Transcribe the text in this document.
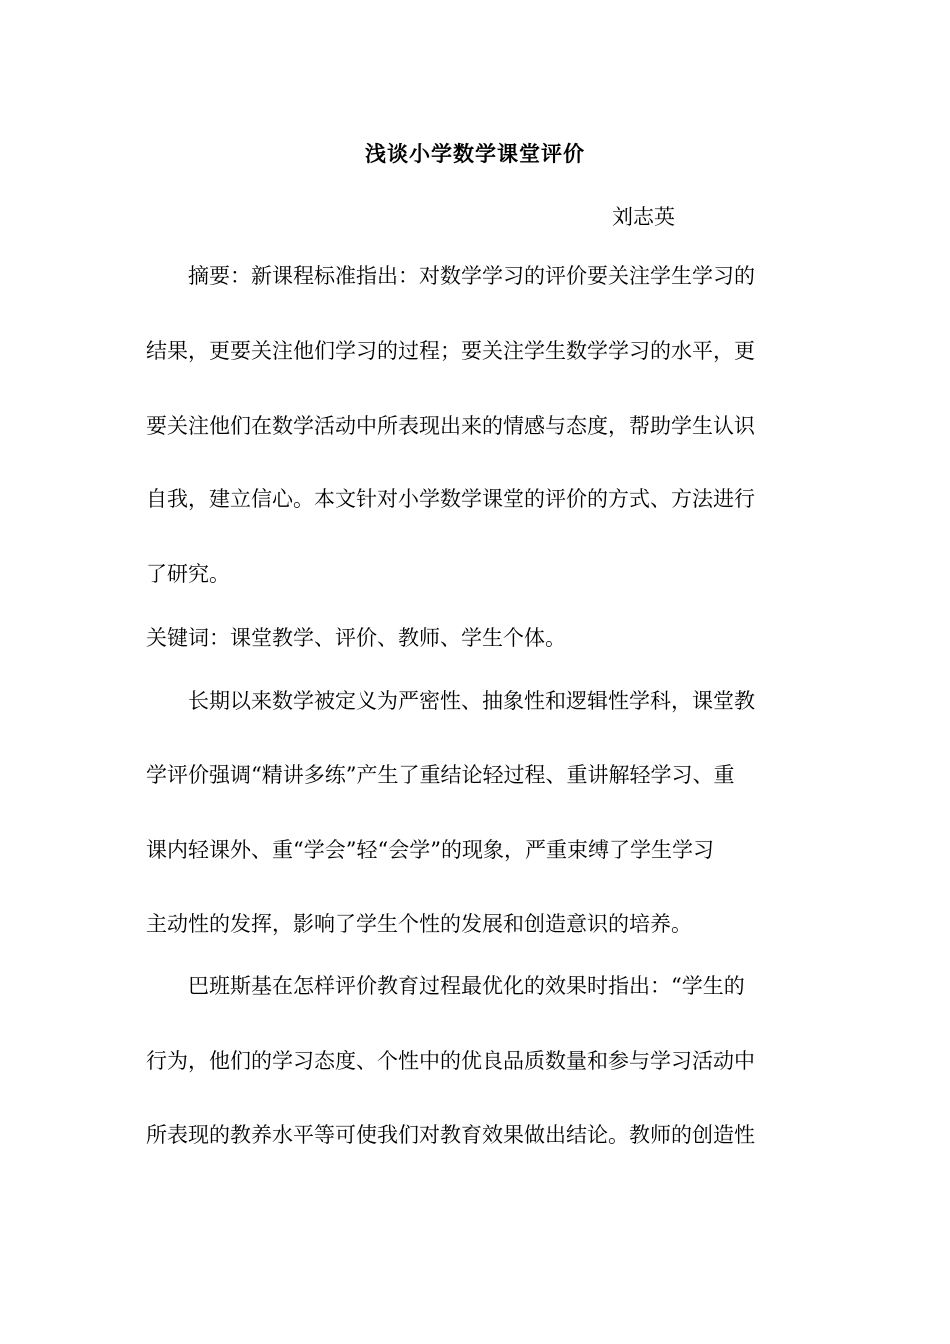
浅谈小学数学课堂评价

刘志英

摘要：新课程标准指出：对数学学习的评价要关注学生学习的

结果，更要关注他们学习的过程；要关注学生数学学习的水平，更

要关注他们在数学活动中所表现出来的情感与态度，帮助学生认识

自我，建立信心。本文针对小学数学课堂的评价的方式、方法进行

了研究。

关键词：课堂教学、评价、教师、学生个体。

长期以来数学被定义为严密性、抽象性和逻辑性学科，课堂教

学评价强调“精讲多练”产生了重结论轻过程、重讲解轻学习、重

课内轻课外、重“学会”轻“会学”的现象，严重束缚了学生学习

主动性的发挥，影响了学生个性的发展和创造意识的培养。

巴班斯基在怎样评价教育过程最优化的效果时指出：“学生的

行为，他们的学习态度、个性中的优良品质数量和参与学习活动中

所表现的教养水平等可使我们对教育效果做出结论。教师的创造性
